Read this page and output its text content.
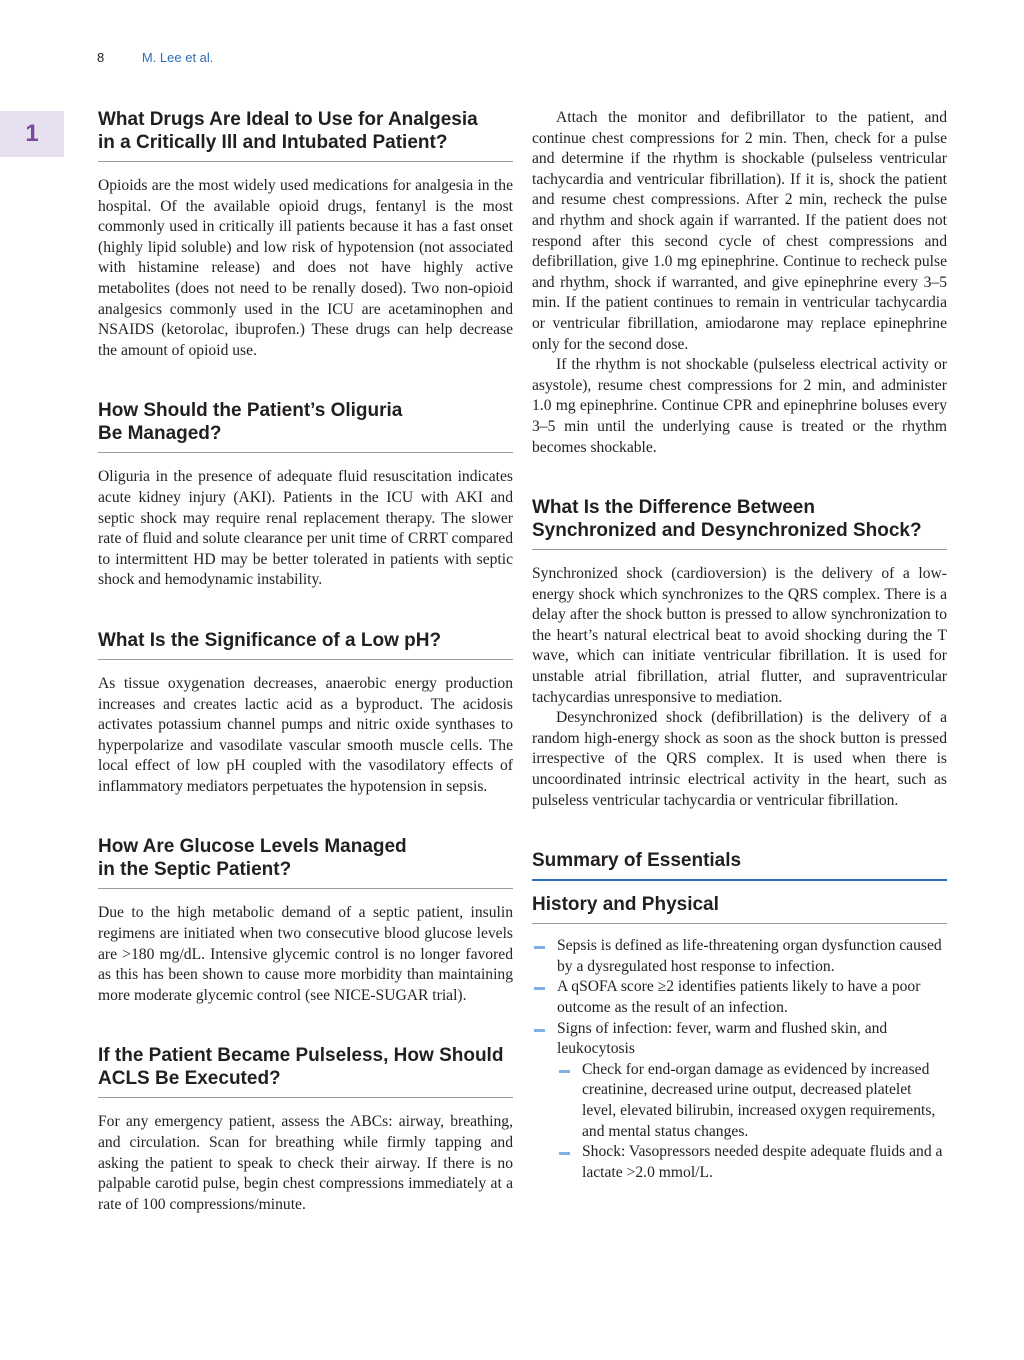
8	M. Lee et al.
1
What Drugs Are Ideal to Use for Analgesia
in a Critically Ill and Intubated Patient?

Opioids are the most widely used medications for analgesia in the hospital. Of the available opioid drugs, fentanyl is the most commonly used in critically ill patients because it has a fast onset (highly lipid soluble) and low risk of hypotension (not associated with histamine release) and does not have highly active metabolites (does not need to be renally dosed). Two non-opioid analgesics commonly used in the ICU are acetaminophen and NSAIDS (ketorolac, ibuprofen.) These drugs can help decrease the amount of opioid use.

How Should the Patient’s Oliguria
Be Managed?

Oliguria in the presence of adequate fluid resuscitation indicates acute kidney injury (AKI). Patients in the ICU with AKI and septic shock may require renal replacement therapy. The slower rate of fluid and solute clearance per unit time of CRRT compared to intermittent HD may be better tolerated in patients with septic shock and hemodynamic instability.

What Is the Significance of a Low pH?

As tissue oxygenation decreases, anaerobic energy production increases and creates lactic acid as a byproduct. The acidosis activates potassium channel pumps and nitric oxide synthases to hyperpolarize and vasodilate vascular smooth muscle cells. The local effect of low pH coupled with the vasodilatory effects of inflammatory mediators perpetuates the hypotension in sepsis.

How Are Glucose Levels Managed
in the Septic Patient?

Due to the high metabolic demand of a septic patient, insulin regimens are initiated when two consecutive blood glucose levels are >180 mg/dL. Intensive glycemic control is no longer favored as this has been shown to cause more morbidity than maintaining more moderate glycemic control (see NICE-SUGAR trial).

If the Patient Became Pulseless, How Should
ACLS Be Executed?

For any emergency patient, assess the ABCs: airway, breathing, and circulation. Scan for breathing while firmly tapping and asking the patient to speak to check their airway. If there is no palpable carotid pulse, begin chest compressions immediately at a rate of 100 compressions/minute.

Attach the monitor and defibrillator to the patient, and continue chest compressions for 2 min. Then, check for a pulse and determine if the rhythm is shockable (pulseless ventricular tachycardia and ventricular fibrillation). If it is, shock the patient and resume chest compressions. After 2 min, recheck the pulse and rhythm and shock again if warranted. If the patient does not respond after this second cycle of chest compressions and defibrillation, give 1.0 mg epinephrine. Continue to recheck pulse and rhythm, shock if warranted, and give epinephrine every 3–5 min. If the patient continues to remain in ventricular tachycardia or ventricular fibrillation, amiodarone may replace epinephrine only for the second dose.

If the rhythm is not shockable (pulseless electrical activity or asystole), resume chest compressions for 2 min, and administer 1.0 mg epinephrine. Continue CPR and epinephrine boluses every 3–5 min until the underlying cause is treated or the rhythm becomes shockable.

What Is the Difference Between
Synchronized and Desynchronized Shock?

Synchronized shock (cardioversion) is the delivery of a low-energy shock which synchronizes to the QRS complex. There is a delay after the shock button is pressed to allow synchronization to the heart’s natural electrical beat to avoid shocking during the T wave, which can initiate ventricular fibrillation. It is used for unstable atrial fibrillation, atrial flutter, and supraventricular tachycardias unresponsive to mediation.

Desynchronized shock (defibrillation) is the delivery of a random high-energy shock as soon as the shock button is pressed irrespective of the QRS complex. It is used when there is uncoordinated intrinsic electrical activity in the heart, such as pulseless ventricular tachycardia or ventricular fibrillation.

Summary of Essentials
History and Physical
Sepsis is defined as life-threatening organ dysfunction caused by a dysregulated host response to infection.
A qSOFA score ≥2 identifies patients likely to have a poor outcome as the result of an infection.
Signs of infection: fever, warm and flushed skin, and leukocytosis
Check for end-organ damage as evidenced by increased creatinine, decreased urine output, decreased platelet level, elevated bilirubin, increased oxygen requirements, and mental status changes.
Shock: Vasopressors needed despite adequate fluids and a lactate >2.0 mmol/L.
